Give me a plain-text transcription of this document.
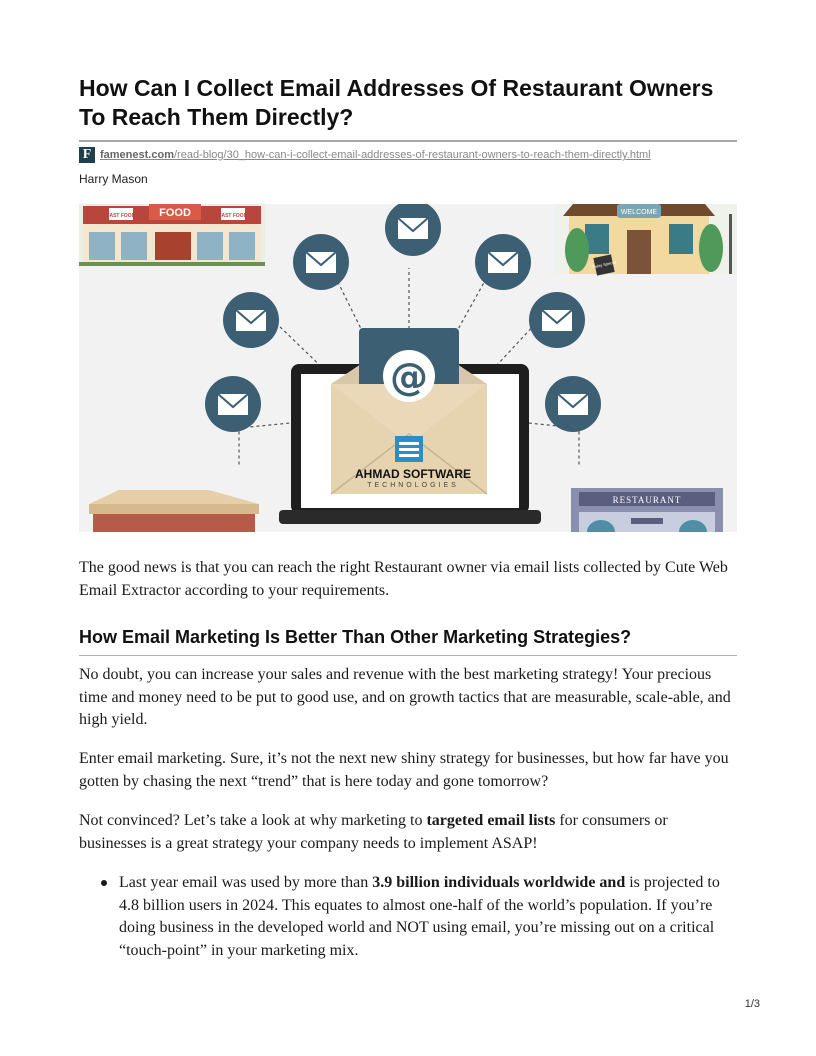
How Can I Collect Email Addresses Of Restaurant Owners To Reach Them Directly?
F famenest.com/read-blog/30_how-can-i-collect-email-addresses-of-restaurant-owners-to-reach-them-directly.html
Harry Mason
FOOD
FAST FOOD	FAST FOOD	WELCOME
Today Special
@
AHMAD SOFTWARE
TECHNOLOGIES
RESTAURANT

The good news is that you can reach the right Restaurant owner via email lists collected by Cute Web Email Extractor according to your requirements.

How Email Marketing Is Better Than Other Marketing Strategies?

No doubt, you can increase your sales and revenue with the best marketing strategy! Your precious time and money need to be put to good use, and on growth tactics that are measurable, scale-able, and high yield.

Enter email marketing. Sure, it’s not the next new shiny strategy for businesses, but how far have you gotten by chasing the next “trend” that is here today and gone tomorrow?

Not convinced? Let’s take a look at why marketing to targeted email lists for consumers or businesses is a great strategy your company needs to implement ASAP!

Last year email was used by more than 3.9 billion individuals worldwide and is projected to 4.8 billion users in 2024. This equates to almost one-half of the world’s population. If you’re doing business in the developed world and NOT using email, you’re missing out on a critical “touch-point” in your marketing mix.
1/3
